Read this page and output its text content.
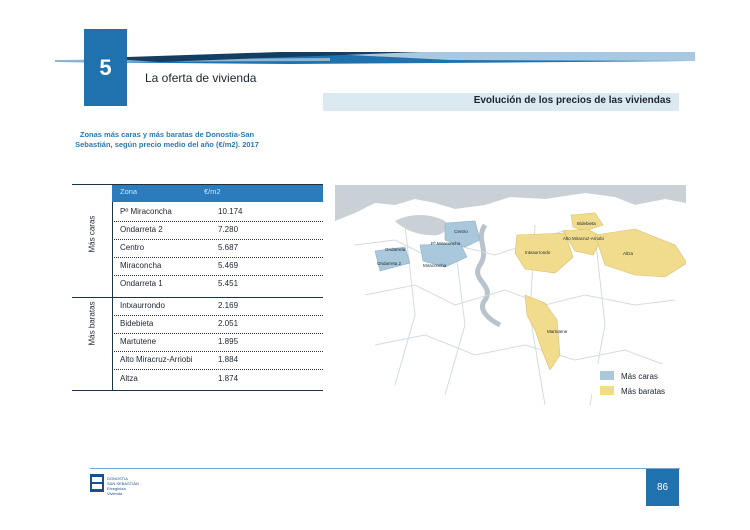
5	La oferta de vivienda
Evolución de los precios de las viviendas
Zonas más caras y más baratas de Donostia-San Sebastián, según precio medio del año (€/m2). 2017
Zona	€/m2
Más caras
Más baratas
Pº Miraconcha	10.174
Ondarreta 2	7.280
Centro	5.687
Miraconcha	5.469
Ondarreta 1	5.451
Intxaurrondo	2.169
Bidebieta	2.051
Martutene	1.895
Alto Miracruz-Arriobi	1.884
Altza	1.874
Centro
Ondarreta
Pº Miraconcha
Ondarreta 2	Miraconcha
Bidebieta
Alto Miracruz-Arriobi
Intxaurrondo	Altza
Martutene
Más caras
Más baratas
DONOSTIA
SAN SEBASTIÁN
Etxegintza
Vivienda
86
